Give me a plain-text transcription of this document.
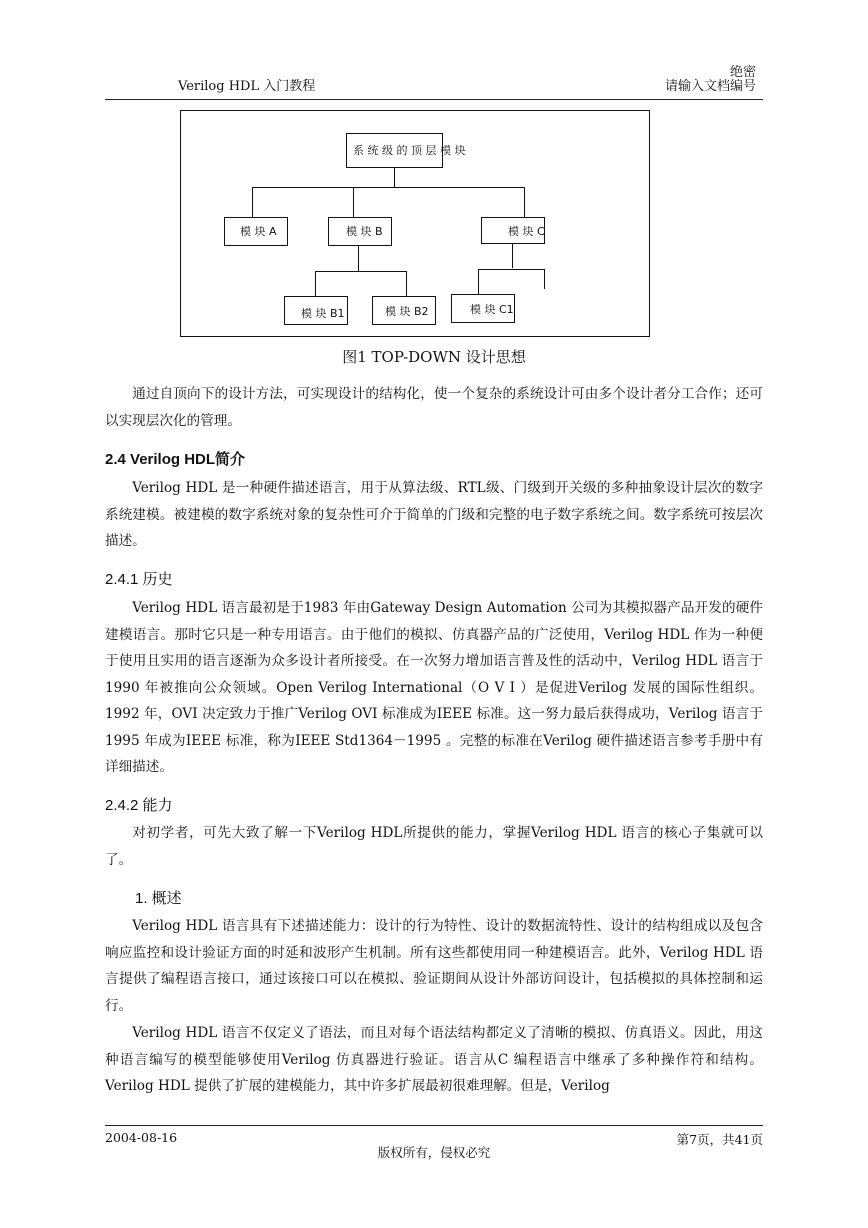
Verilog HDL 入门教程
绝密
请输入文档编号
系 统 级 的 顶 层 模 块
模 块 A	模 块 B	模 块 C
模 块 B1	模 块 B2	模 块 C1
图1 TOP-DOWN 设计思想

通过自顶向下的设计方法，可实现设计的结构化，使一个复杂的系统设计可由多个设计者分工合作；还可以实现层次化的管理。

2.4 Verilog HDL简介

Verilog HDL 是一种硬件描述语言，用于从算法级、RTL级、门级到开关级的多种抽象设计层次的数字系统建模。被建模的数字系统对象的复杂性可介于简单的门级和完整的电子数字系统之间。数字系统可按层次描述。

2.4.1 历史

Verilog HDL 语言最初是于1983 年由Gateway Design Automation 公司为其模拟器产品开发的硬件建模语言。那时它只是一种专用语言。由于他们的模拟、仿真器产品的广泛使用，Verilog HDL 作为一种便于使用且实用的语言逐渐为众多设计者所接受。在一次努力增加语言普及性的活动中，Verilog HDL 语言于1990 年被推向公众领域。Open Verilog International（O V I ）是促进Verilog 发展的国际性组织。1992 年，OVI 决定致力于推广Verilog OVI 标准成为IEEE 标准。这一努力最后获得成功，Verilog 语言于1995 年成为IEEE 标准，称为IEEE Std1364－1995 。完整的标准在Verilog 硬件描述语言参考手册中有详细描述。

2.4.2 能力

对初学者，可先大致了解一下Verilog HDL所提供的能力，掌握Verilog HDL 语言的核心子集就可以了。

1. 概述

Verilog HDL 语言具有下述描述能力：设计的行为特性、设计的数据流特性、设计的结构组成以及包含响应监控和设计验证方面的时延和波形产生机制。所有这些都使用同一种建模语言。此外，Verilog HDL 语言提供了编程语言接口，通过该接口可以在模拟、验证期间从设计外部访问设计，包括模拟的具体控制和运行。

Verilog HDL 语言不仅定义了语法，而且对每个语法结构都定义了清晰的模拟、仿真语义。因此，用这种语言编写的模型能够使用Verilog 仿真器进行验证。语言从C 编程语言中继承了多种操作符和结构。Verilog HDL 提供了扩展的建模能力，其中许多扩展最初很难理解。但是，Verilog

2004-08-16	第7页，共41页
版权所有，侵权必究
